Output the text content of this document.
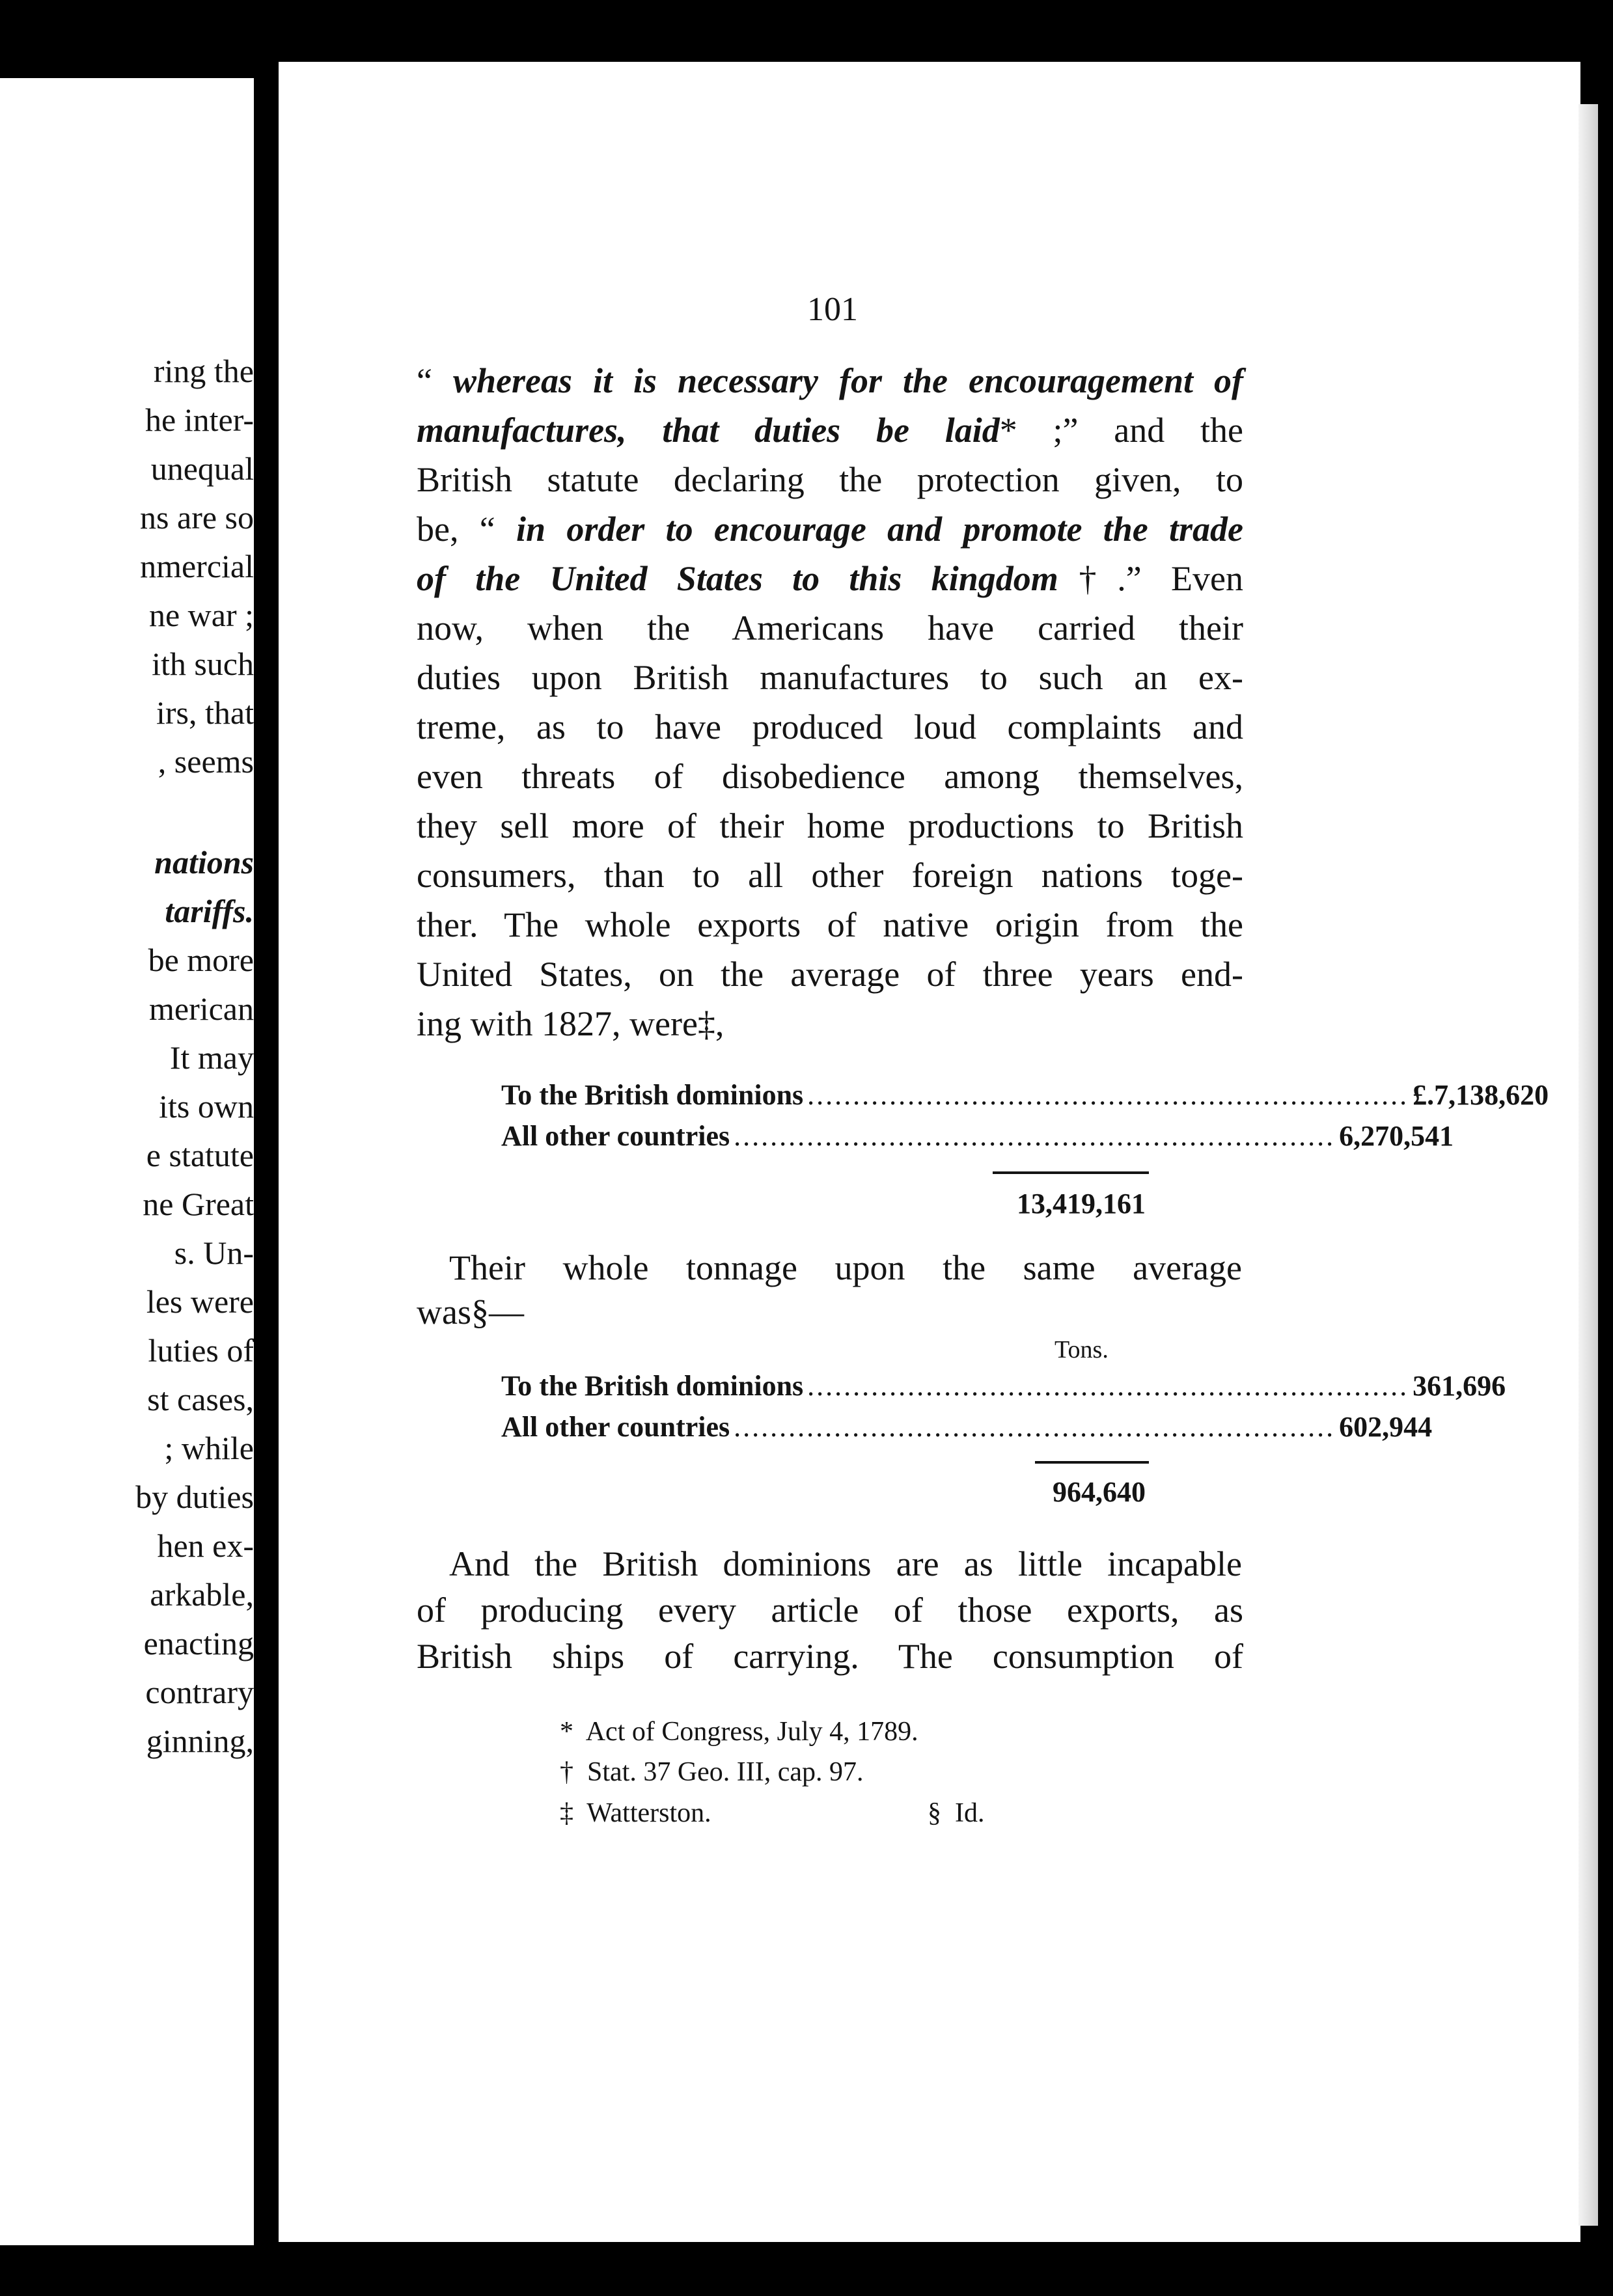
ring the
he inter-
unequal
ns are so
nmercial
ne war ;
ith such
irs, that
, seems
nations
tariffs.
be more
merican
It may
its own
e statute
ne Great
s. Un-
les were
luties of
st cases,
; while
by duties
hen ex-
arkable,
enacting
contrary
ginning,
101
“ whereas it is necessary for the encouragement of
manufactures, that duties be laid* ;” and the
British statute declaring the protection given, to
be, “ in order to encourage and promote the trade
of the United States to this kingdom†.” Even
now, when the Americans have carried their
duties upon British manufactures to such an ex-
treme, as to have produced loud complaints and
even threats of disobedience among themselves,
they sell more of their home productions to British
consumers, than to all other foreign nations toge-
ther. The whole exports of native origin from the
United States, on the average of three years end-
ing with 1827, were‡,
To the British dominions .................................................................. £.7,138,620
All other countries .................................................................. 6,270,541
13,419,161
Their whole tonnage upon the same average
was§—
Tons.
To the British dominions .................................................................. 361,696
All other countries .................................................................. 602,944
964,640
And the British dominions are as little incapable
of producing every article of those exports, as
British ships of carrying. The consumption of
* Act of Congress, July 4, 1789.
† Stat. 37 Geo. III, cap. 97.
‡ Watterston.	§ Id.
